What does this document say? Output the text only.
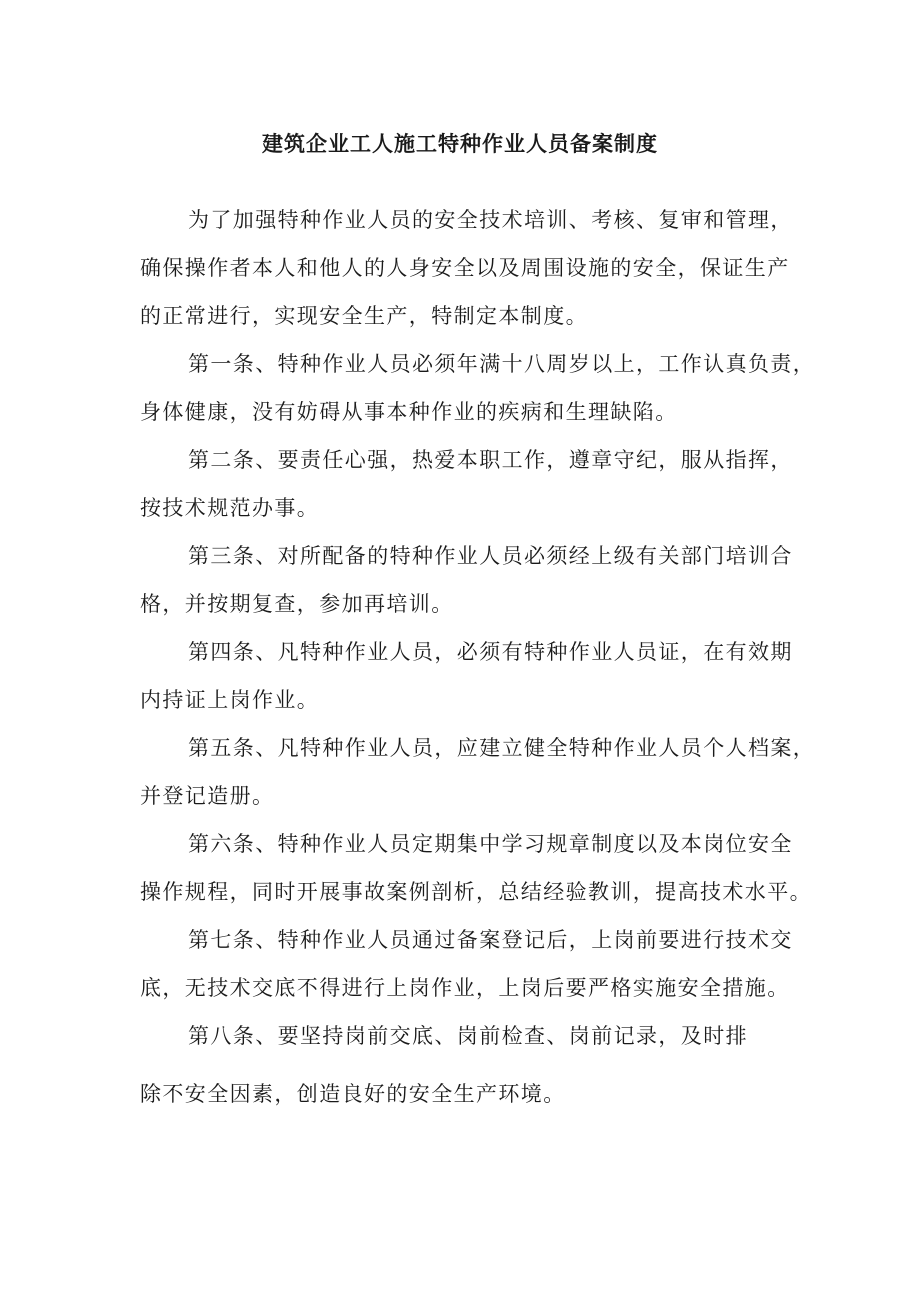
建筑企业工人施工特种作业人员备案制度

为了加强特种作业人员的安全技术培训、考核、复审和管理，
确保操作者本人和他人的人身安全以及周围设施的安全，保证生产
的正常进行，实现安全生产，特制定本制度。

第一条、特种作业人员必须年满十八周岁以上，工作认真负责，
身体健康，没有妨碍从事本种作业的疾病和生理缺陷。

第二条、要责任心强，热爱本职工作，遵章守纪，服从指挥，
按技术规范办事。

第三条、对所配备的特种作业人员必须经上级有关部门培训合
格，并按期复查，参加再培训。

第四条、凡特种作业人员，必须有特种作业人员证，在有效期
内持证上岗作业。

第五条、凡特种作业人员，应建立健全特种作业人员个人档案，
并登记造册。

第六条、特种作业人员定期集中学习规章制度以及本岗位安全
操作规程，同时开展事故案例剖析，总结经验教训，提高技术水平。

第七条、特种作业人员通过备案登记后，上岗前要进行技术交
底，无技术交底不得进行上岗作业，上岗后要严格实施安全措施。

第八条、要坚持岗前交底、岗前检查、岗前记录，及时排
除不安全因素，创造良好的安全生产环境。
